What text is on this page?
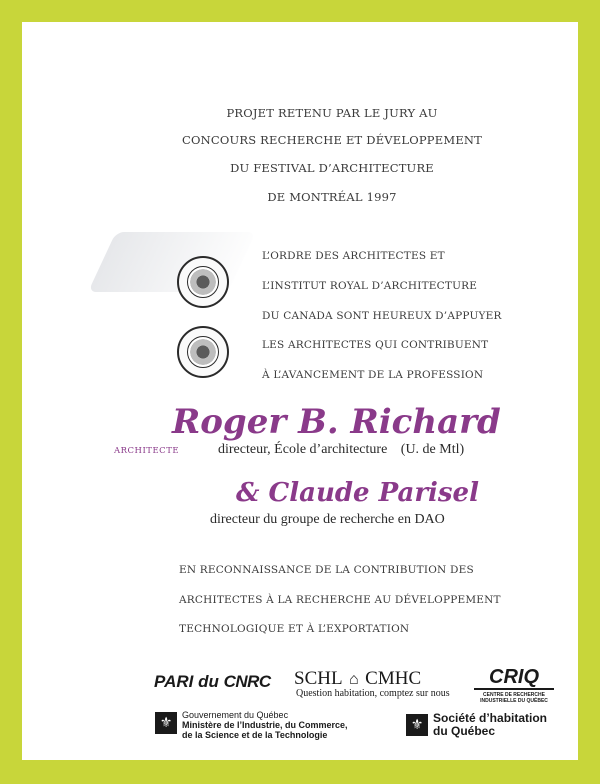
PROJET RETENU PAR LE JURY AU
CONCOURS RECHERCHE ET DÉVELOPPEMENT
DU FESTIVAL D’ARCHITECTURE
DE MONTRÉAL 1997
L’ORDRE DES ARCHITECTES ET
L’INSTITUT ROYAL D’ARCHITECTURE
DU CANADA SONT HEUREUX D’APPUYER
LES ARCHITECTES QUI CONTRIBUENT
À L’AVANCEMENT DE LA PROFESSION
ARCHITECTE
Roger B. Richard
directeur, École d’architecture (U. de Mtl)
& Claude Parisel
directeur du groupe de recherche en DAO
EN RECONNAISSANCE DE LA CONTRIBUTION DES
ARCHITECTES À LA RECHERCHE AU DÉVELOPPEMENT
TECHNOLOGIQUE ET À L’EXPORTATION
PARI du CNRC SCHL ⌂ CMHC
Question habitation, comptez sur nous
CRIQ
CENTRE DE RECHERCHE
INDUSTRIELLE DU QUÉBEC
⚜	Gouvernement du Québec
Ministère de l’Industrie, du Commerce,
de la Science et de la Technologie
⚜ Société d’habitation
du Québec
